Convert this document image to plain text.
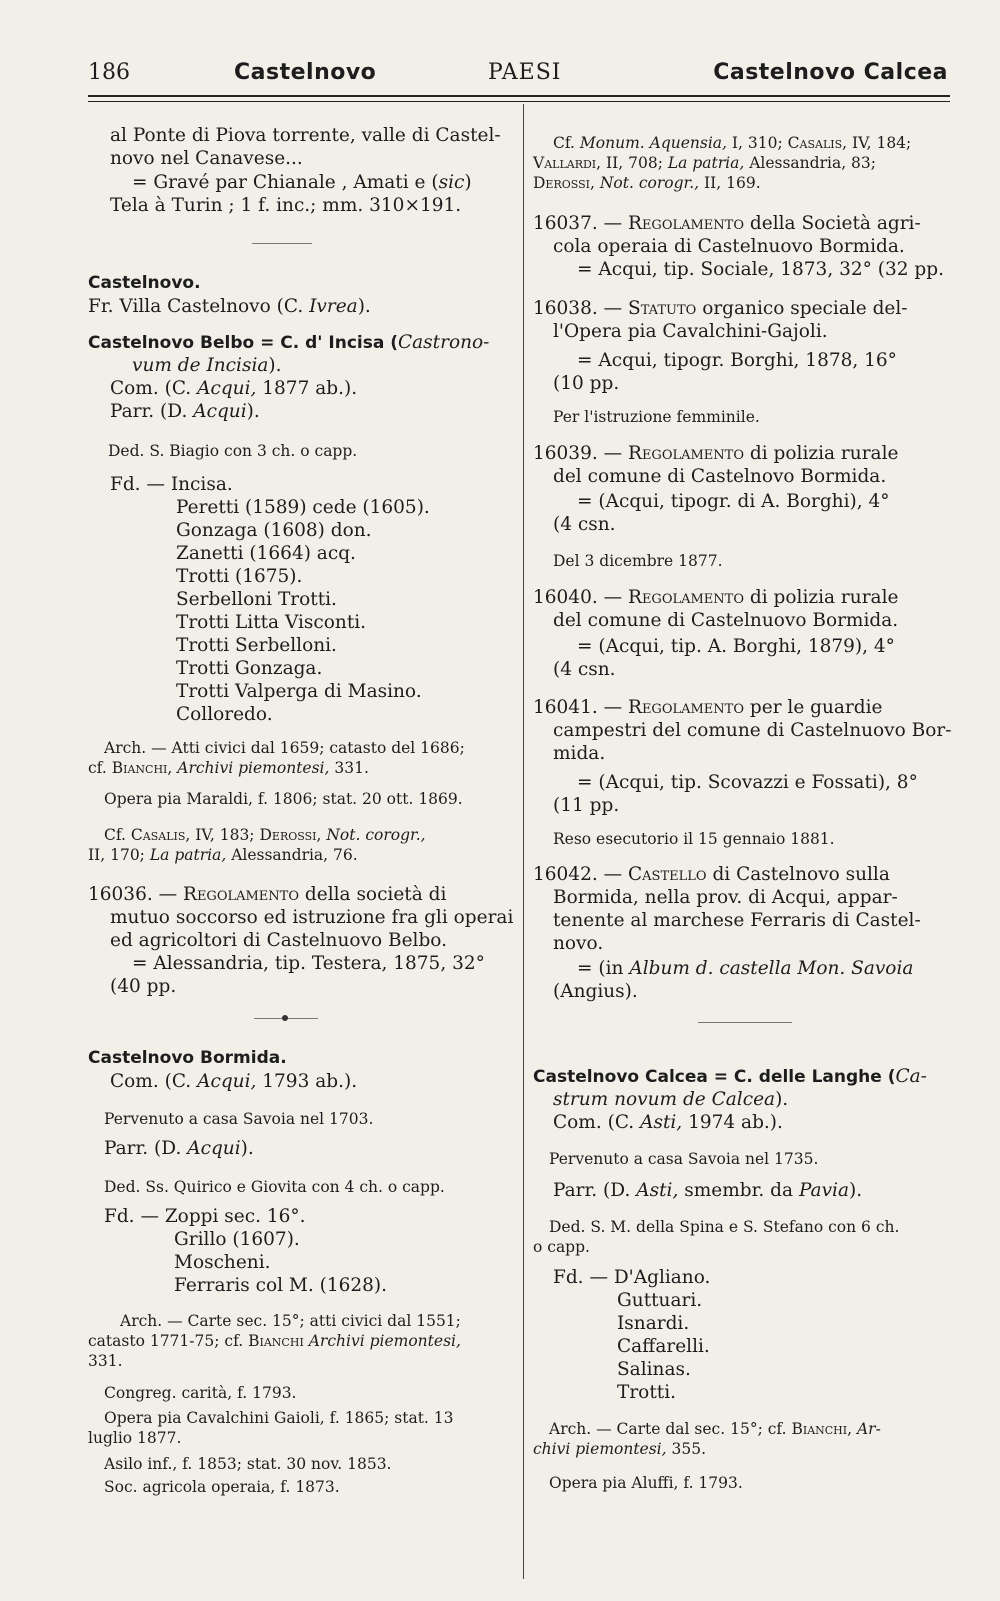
186	Castelnovo	PAESI	Castelnovo Calcea
al Ponte di Piova torrente, valle di Castel-
novo nel Canavese...
= Gravé par Chianale , Amati e (sic)
Tela à Turin ; 1 f. inc.; mm. 310×191.
Castelnovo.
Fr. Villa Castelnovo (C. Ivrea).
Castelnovo Belbo = C. d' Incisa (Castrono-
vum de Incisia).
Com. (C. Acqui, 1877 ab.).
Parr. (D. Acqui).
Ded. S. Biagio con 3 ch. o capp.
Fd. — Incisa.
Peretti (1589) cede (1605).
Gonzaga (1608) don.
Zanetti (1664) acq.
Trotti (1675).
Serbelloni Trotti.
Trotti Litta Visconti.
Trotti Serbelloni.
Trotti Gonzaga.
Trotti Valperga di Masino.
Colloredo.
Arch. — Atti civici dal 1659; catasto del 1686;
cf. Bianchi, Archivi piemontesi, 331.
Opera pia Maraldi, f. 1806; stat. 20 ott. 1869.
Cf. Casalis, IV, 183; Derossi, Not. corogr.,
II, 170; La patria, Alessandria, 76.
16036. — Regolamento della società di
mutuo soccorso ed istruzione fra gli operai
ed agricoltori di Castelnuovo Belbo.
= Alessandria, tip. Testera, 1875, 32°
(40 pp.
Castelnovo Bormida.
Com. (C. Acqui, 1793 ab.).
Pervenuto a casa Savoia nel 1703.
Parr. (D. Acqui).
Ded. Ss. Quirico e Giovita con 4 ch. o capp.
Fd. — Zoppi sec. 16°.
Grillo (1607).
Moscheni.
Ferraris col M. (1628).
Arch. — Carte sec. 15°; atti civici dal 1551;
catasto 1771-75; cf. Bianchi Archivi piemontesi,
331.
Congreg. carità, f. 1793.
Opera pia Cavalchini Gaioli, f. 1865; stat. 13
luglio 1877.
Asilo inf., f. 1853; stat. 30 nov. 1853.
Soc. agricola operaia, f. 1873.
Cf. Monum. Aquensia, I, 310; Casalis, IV, 184;
Vallardi, II, 708; La patria, Alessandria, 83;
Derossi, Not. corogr., II, 169.
16037. — Regolamento della Società agri-
cola operaia di Castelnuovo Bormida.
= Acqui, tip. Sociale, 1873, 32° (32 pp.
16038. — Statuto organico speciale del-
l'Opera pia Cavalchini-Gajoli.
= Acqui, tipogr. Borghi, 1878, 16°
(10 pp.
Per l'istruzione femminile.
16039. — Regolamento di polizia rurale
del comune di Castelnovo Bormida.
= (Acqui, tipogr. di A. Borghi), 4°
(4 csn.
Del 3 dicembre 1877.
16040. — Regolamento di polizia rurale
del comune di Castelnuovo Bormida.
= (Acqui, tip. A. Borghi, 1879), 4°
(4 csn.
16041. — Regolamento per le guardie
campestri del comune di Castelnuovo Bor-
mida.
= (Acqui, tip. Scovazzi e Fossati), 8°
(11 pp.
Reso esecutorio il 15 gennaio 1881.
16042. — Castello di Castelnovo sulla
Bormida, nella prov. di Acqui, appar-
tenente al marchese Ferraris di Castel-
novo.
= (in Album d. castella Mon. Savoia
(Angius).
Castelnovo Calcea = C. delle Langhe (Ca-
strum novum de Calcea).
Com. (C. Asti, 1974 ab.).
Pervenuto a casa Savoia nel 1735.
Parr. (D. Asti, smembr. da Pavia).
Ded. S. M. della Spina e S. Stefano con 6 ch.
o capp.
Fd. — D'Agliano.
Guttuari.
Isnardi.
Caffarelli.
Salinas.
Trotti.
Arch. — Carte dal sec. 15°; cf. Bianchi, Ar-
chivi piemontesi, 355.
Opera pia Aluffi, f. 1793.
